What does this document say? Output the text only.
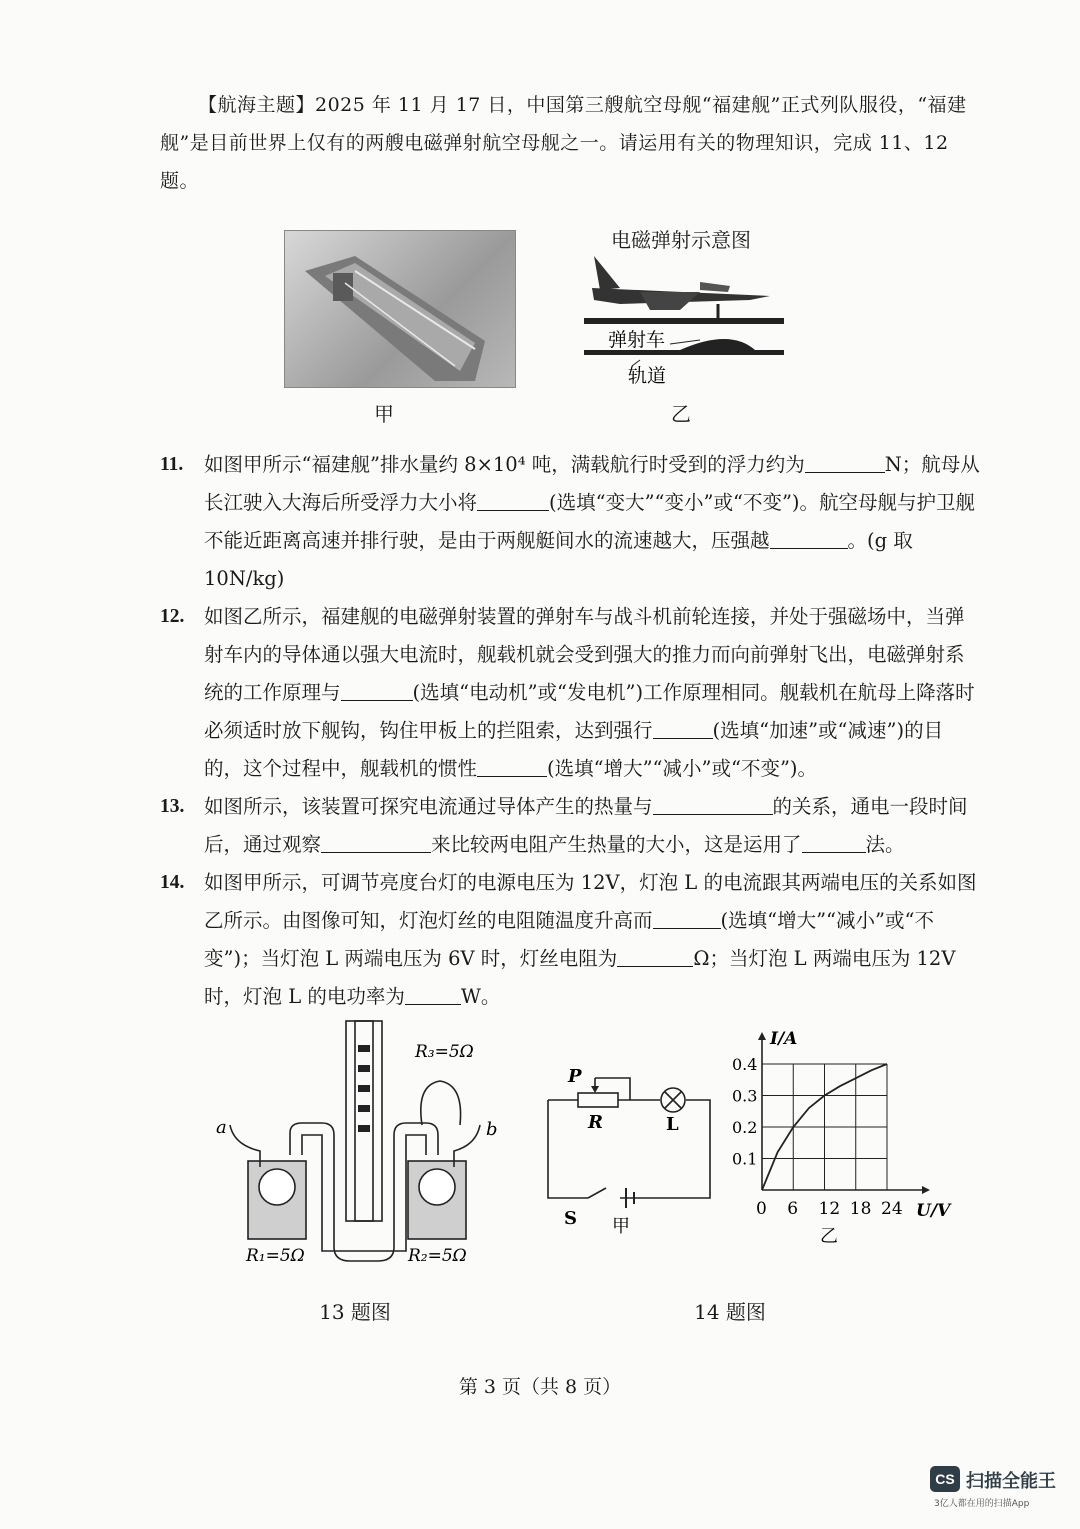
【航海主题】2025 年 11 月 17 日，中国第三艘航空母舰“福建舰”正式列队服役，“福建舰”是目前世界上仅有的两艘电磁弹射航空母舰之一。请运用有关的物理知识，完成 11、12 题。
甲
电磁弹射示意图
弹射车
轨道
乙
11. 如图甲所示“福建舰”排水量约 8×10⁴ 吨，满载航行时受到的浮力约为	N；航母从长江驶入大海后所受浮力大小将	(选填“变大”“变小”或“不变”)。航空母舰与护卫舰不能近距离高速并排行驶，是由于两舰艇间水的流速越大，压强越	。(g 取 10N/kg)
12. 如图乙所示，福建舰的电磁弹射装置的弹射车与战斗机前轮连接，并处于强磁场中，当弹射车内的导体通以强大电流时，舰载机就会受到强大的推力而向前弹射飞出，电磁弹射系统的工作原理与	(选填“电动机”或“发电机”)工作原理相同。舰载机在航母上降落时必须适时放下舰钩，钩住甲板上的拦阻索，达到强行	(选填“加速”或“减速”)的目的，这个过程中，舰载机的惯性	(选填“增大”“减小”或“不变”)。
13. 如图所示，该装置可探究电流通过导体产生的热量与	的关系，通电一段时间后，通过观察	来比较两电阻产生热量的大小，这是运用了	法。
14. 如图甲所示，可调节亮度台灯的电源电压为 12V，灯泡 L 的电流跟其两端电压的关系如图乙所示。由图像可知，灯泡灯丝的电阻随温度升高而	(选填“增大”“减小”或“不变”)；当灯泡 L 两端电压为 6V 时，灯丝电阻为	Ω；当灯泡 L 两端电压为 12V 时，灯泡 L 的电功率为	W。
a	b
R₃=5Ω
R₁=5Ω	R₂=5Ω
13 题图
P
R	L
S 甲
0 6 12 18 24
0.1
0.2
0.3
0.4
I/A
U/V
乙
14 题图
第 3 页（共 8 页）
CS 扫描全能王
3亿人都在用的扫描App
